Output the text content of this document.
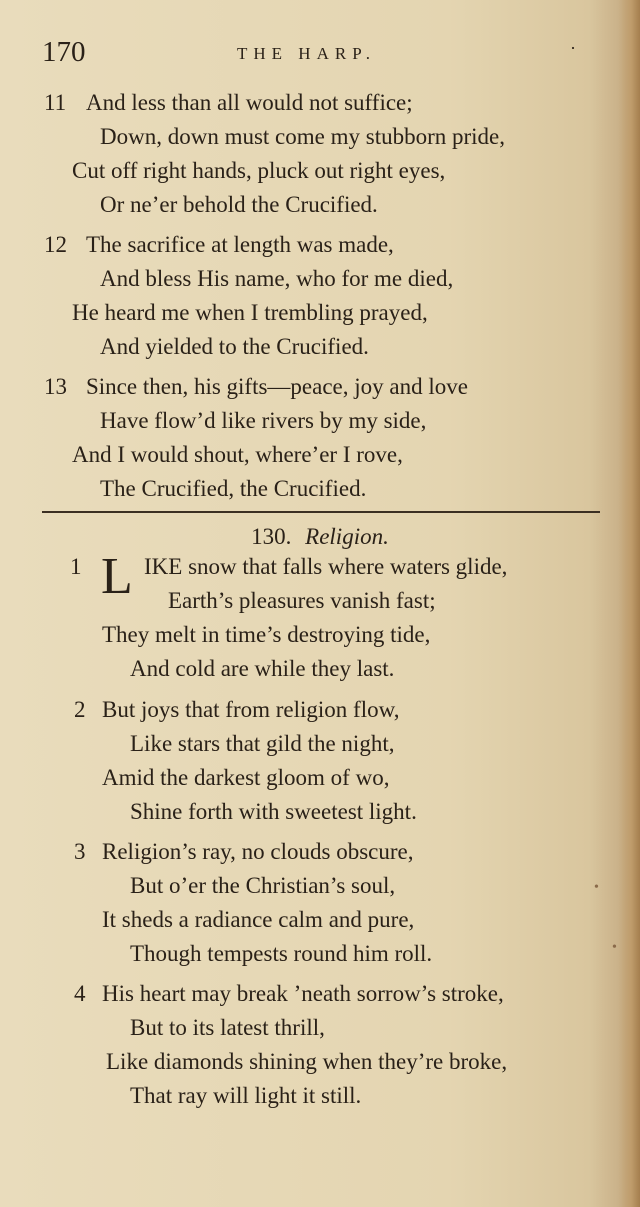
170	THE HARP.	·
11 And less than all would not suffice;
Down, down must come my stubborn pride,
Cut off right hands, pluck out right eyes,
Or ne’er behold the Crucified.
12 The sacrifice at length was made,
And bless His name, who for me died,
He heard me when I trembling prayed,
And yielded to the Crucified.
13 Since then, his gifts—peace, joy and love
Have flow’d like rivers by my side,
And I would shout, where’er I rove,
The Crucified, the Crucified.
130. Religion.
1 L IKE snow that falls where waters glide,
Earth’s pleasures vanish fast;
They melt in time’s destroying tide,
And cold are while they last.
2 But joys that from religion flow,
Like stars that gild the night,
Amid the darkest gloom of wo,
Shine forth with sweetest light.
3 Religion’s ray, no clouds obscure,
But o’er the Christian’s soul,
It sheds a radiance calm and pure,
Though tempests round him roll.
4 His heart may break ’neath sorrow’s stroke,
But to its latest thrill,
Like diamonds shining when they’re broke,
That ray will light it still.
•
•
